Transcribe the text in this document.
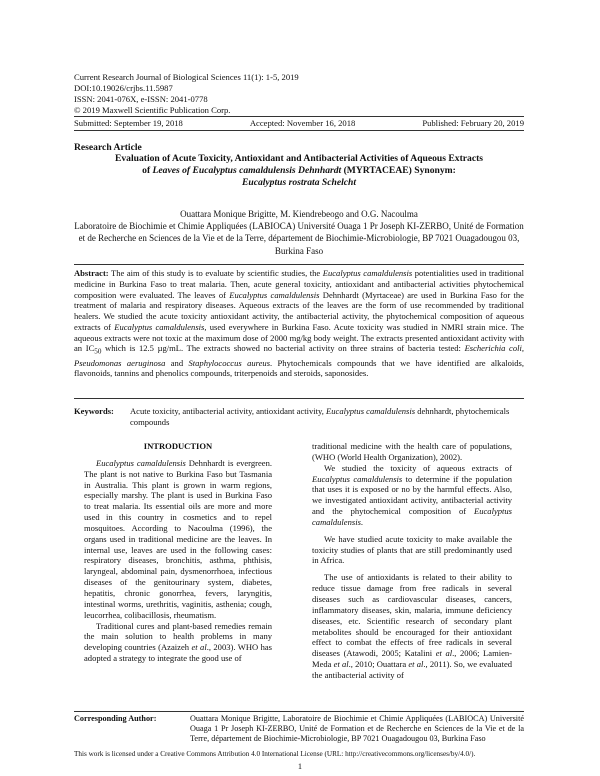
Current Research Journal of Biological Sciences 11(1): 1-5, 2019
DOI:10.19026/crjbs.11.5987
ISSN: 2041-076X, e-ISSN: 2041-0778
© 2019 Maxwell Scientific Publication Corp.
Submitted: September 19, 2018	Accepted: November 16, 2018	Published: February 20, 2019
Research Article
Evaluation of Acute Toxicity, Antioxidant and Antibacterial Activities of Aqueous Extracts
of Leaves of Eucalyptus camaldulensis Dehnhardt (MYRTACEAE) Synonym:
Eucalyptus rostrata Schelcht
Ouattara Monique Brigitte, M. Kiendrebeogo and O.G. Nacoulma
Laboratoire de Biochimie et Chimie Appliquées (LABIOCA) Université Ouaga 1 Pr Joseph KI-ZERBO, Unité de Formation et de Recherche en Sciences de la Vie et de la Terre, département de Biochimie-Microbiologie, BP 7021 Ouagadougou 03, Burkina Faso
Abstract: The aim of this study is to evaluate by scientific studies, the Eucalyptus camaldulensis potentialities used in traditional medicine in Burkina Faso to treat malaria. Then, acute general toxicity, antioxidant and antibacterial activities phytochemical composition were evaluated. The leaves of Eucalyptus camaldulensis Dehnhardt (Myrtaceae) are used in Burkina Faso for the treatment of malaria and respiratory diseases. Aqueous extracts of the leaves are the form of use recommended by traditional healers. We studied the acute toxicity antioxidant activity, the antibacterial activity, the phytochemical composition of aqueous extracts of Eucalyptus camaldulensis, used everywhere in Burkina Faso. Acute toxicity was studied in NMRI strain mice. The aqueous extracts were not toxic at the maximum dose of 2000 mg/kg body weight. The extracts presented antioxidant activity with an $IC_{50}$ which is 12.5 µg/mL. The extracts showed no bacterial activity on three strains of bacteria tested: Escherichia coli, Pseudomonas aeruginosa and Staphylococcus aureus. Phytochemicals compounds that we have identified are alkaloids, flavonoids, tannins and phenolics compounds, triterpenoids and steroids, saponosides.
Keywords:	Acute toxicity, antibacterial activity, antioxidant activity, Eucalyptus camaldulensis dehnhardt, phytochemicals compounds

INTRODUCTION

Eucalyptus camaldulensis Dehnhardt is evergreen. The plant is not native to Burkina Faso but Tasmania in Australia. This plant is grown in warm regions, especially marshy. The plant is used in Burkina Faso to treat malaria. Its essential oils are more and more used in this country in cosmetics and to repel mosquitoes. According to Nacoulma (1996), the organs used in traditional medicine are the leaves. In internal use, leaves are used in the following cases: respiratory diseases, bronchitis, asthma, phthisis, laryngeal, abdominal pain, dysmenorrhoea, infectious diseases of the genitourinary system, diabetes, hepatitis, chronic gonorrhea, fevers, laryngitis, intestinal worms, urethritis, vaginitis, asthenia; cough, leucorrhea, colibacillosis, rheumatism.

Traditional cures and plant-based remedies remain the main solution to health problems in many developing countries (Azaizeh et al., 2003). WHO has adopted a strategy to integrate the good use of

traditional medicine with the health care of populations, (WHO (World Health Organization), 2002).

We studied the toxicity of aqueous extracts of Eucalyptus camaldulensis to determine if the population that uses it is exposed or no by the harmful effects. Also, we investigated antioxidant activity, antibacterial activity and the phytochemical composition of Eucalyptus camaldulensis.

We have studied acute toxicity to make available the toxicity studies of plants that are still predominantly used in Africa.

The use of antioxidants is related to their ability to reduce tissue damage from free radicals in several diseases such as cardiovascular diseases, cancers, inflammatory diseases, skin, malaria, immune deficiency diseases, etc. Scientific research of secondary plant metabolites should be encouraged for their antioxidant effect to combat the effects of free radicals in several diseases (Atawodi, 2005; Katalini et al., 2006; Lamien-Meda et al., 2010; Ouattara et al., 2011). So, we evaluated the antibacterial activity of

Corresponding Author:	Ouattara Monique Brigitte, Laboratoire de Biochimie et Chimie Appliquées (LABIOCA) Université Ouaga 1 Pr Joseph KI-ZERBO, Unité de Formation et de Recherche en Sciences de la Vie et de la Terre, département de Biochimie-Microbiologie, BP 7021 Ouagadougou 03, Burkina Faso
This work is licensed under a Creative Commons Attribution 4.0 International License (URL: http://creativecommons.org/licenses/by/4.0/).
1
